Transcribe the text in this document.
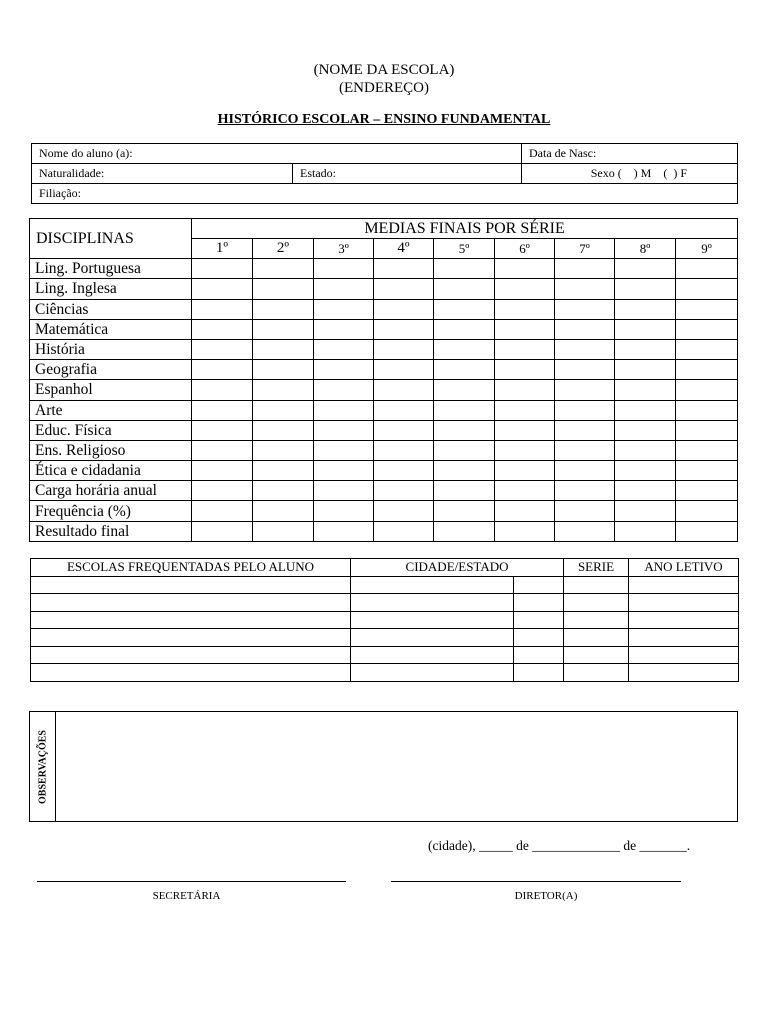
(NOME DA ESCOLA)
(ENDEREÇO)
HISTÓRICO ESCOLAR – ENSINO FUNDAMENTAL
Nome do aluno (a):		Data de Nasc:
Naturalidade:	Estado:	Sexo (    ) M    (  ) F
Filiação:		
DISCIPLINAS	MEDIAS FINAIS POR SÉRIE								
	1º	2º	3º	4º	5º	6º	7º	8º	9º
Ling. Portuguesa									
Ling. Inglesa									
Ciências									
Matemática									
História									
Geografia									
Espanhol									
Arte									
Educ. Física									
Ens. Religioso									
Ética e cidadania									
Carga horária anual									
Frequência (%)									
Resultado final									
ESCOLAS FREQUENTADAS PELO ALUNO	CIDADE/ESTADO		SERIE	ANO LETIVO

OBSERVAÇÕES
(cidade), _____ de _____________ de _______.
SECRETÁRIA	DIRETOR(A)
